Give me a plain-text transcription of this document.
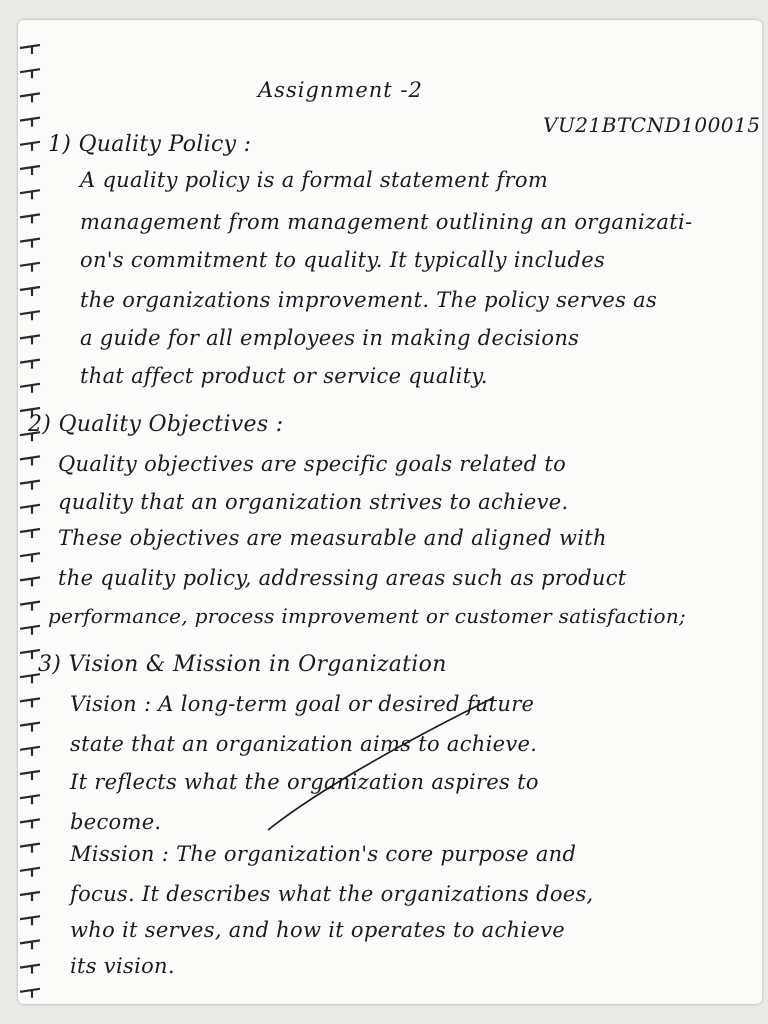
Assignment -2
VU21BTCND100015
1) Quality Policy :
A quality policy is a formal statement from
management from management outlining an organizati-
on's commitment to quality. It typically includes
the organizations improvement. The policy serves as
a guide for all employees in making decisions
that affect product or service quality.
2) Quality Objectives :
Quality objectives are specific goals related to
quality that an organization strives to achieve.
These objectives are measurable and aligned with
the quality policy, addressing areas such as product
performance, process improvement or customer satisfaction;
3) Vision & Mission in Organization
Vision : A long-term goal or desired future
state that an organization aims to achieve.
It reflects what the organization aspires to
become.
Mission : The organization's core purpose and
focus. It describes what the organizations does,
who it serves, and how it operates to achieve
its vision.
